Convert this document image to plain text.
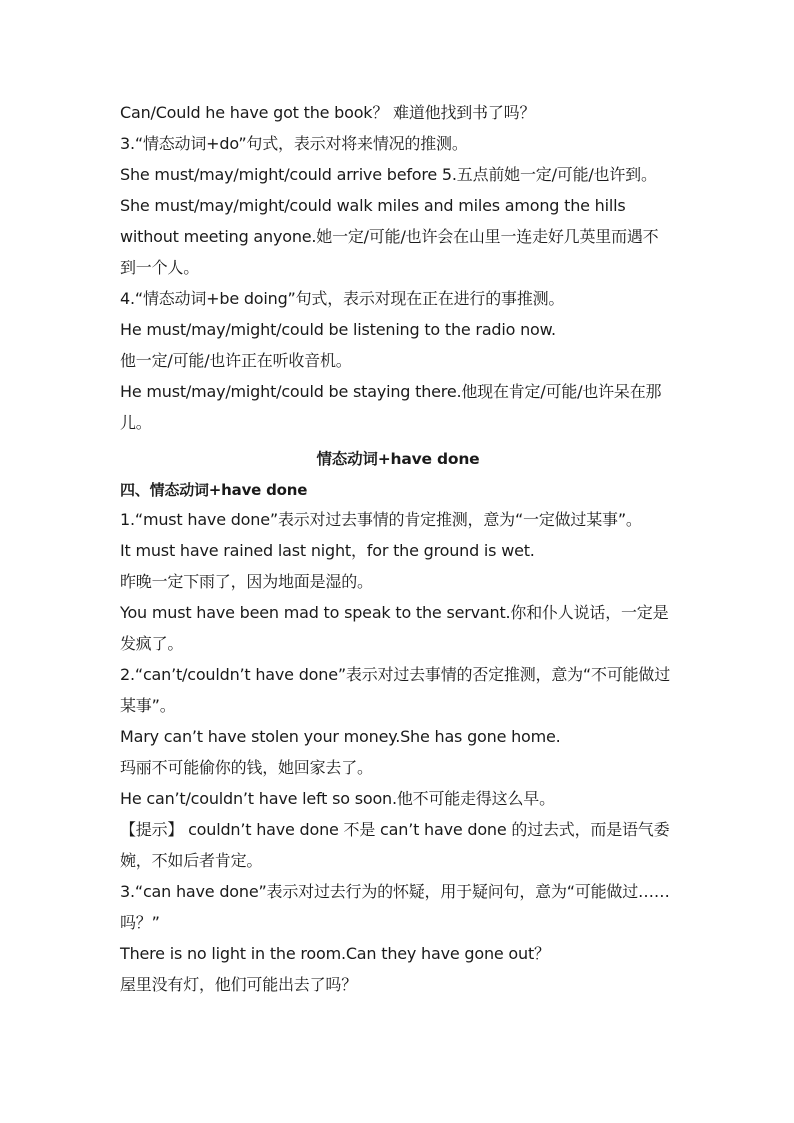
Can/Could he have got the book？ 难道他找到书了吗？
3.“情态动词+do”句式，表示对将来情况的推测。
She must/may/might/could arrive before 5.五点前她一定/可能/也许到。
She must/may/might/could walk miles and miles among the hills
without meeting anyone.她一定/可能/也许会在山里一连走好几英里而遇不
到一个人。
4.“情态动词+be doing”句式，表示对现在正在进行的事推测。
He must/may/might/could be listening to the radio now.
他一定/可能/也许正在听收音机。
He must/may/might/could be staying there.他现在肯定/可能/也许呆在那
儿。
情态动词+have done
四、情态动词+have done
1.“must have done”表示对过去事情的肯定推测，意为“一定做过某事”。
It must have rained last night，for the ground is wet.
昨晚一定下雨了，因为地面是湿的。
You must have been mad to speak to the servant.你和仆人说话，一定是
发疯了。
2.“can’t/couldn’t have done”表示对过去事情的否定推测，意为“不可能做过
某事”。
Mary can’t have stolen your money.She has gone home.
玛丽不可能偷你的钱，她回家去了。
He can’t/couldn’t have left so soon.他不可能走得这么早。
【提示】 couldn’t have done 不是 can’t have done 的过去式，而是语气委
婉，不如后者肯定。
3.“can have done”表示对过去行为的怀疑，用于疑问句，意为“可能做过……
吗？”
There is no light in the room.Can they have gone out？
屋里没有灯，他们可能出去了吗？
